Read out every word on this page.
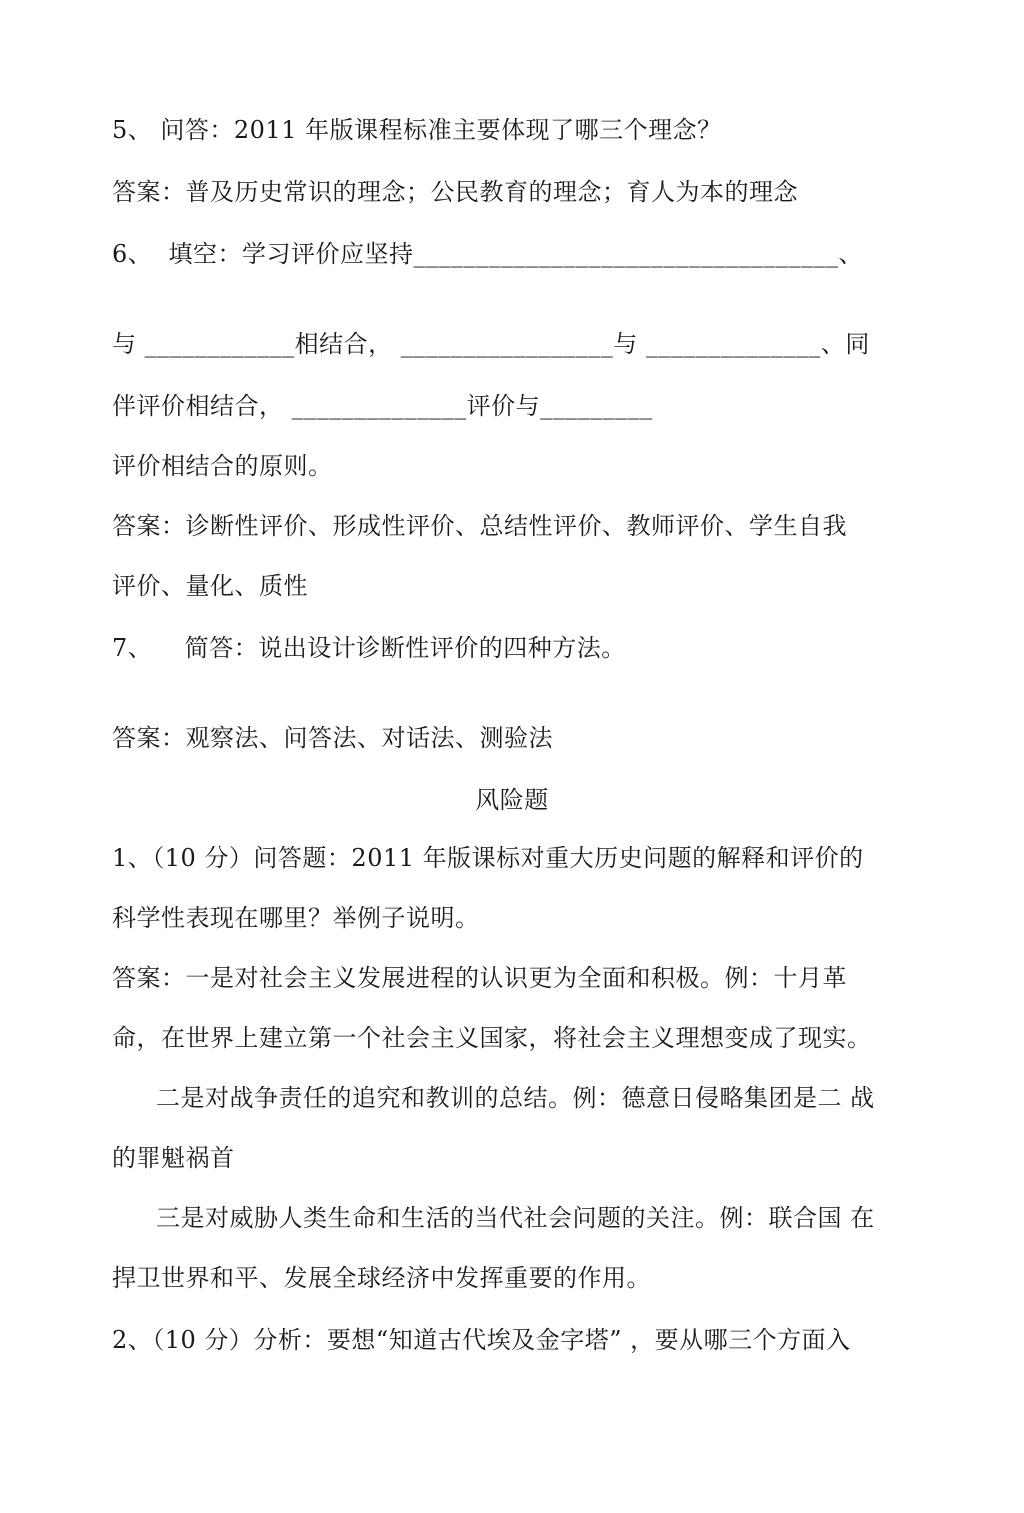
5、 问答：2011 年版课程标准主要体现了哪三个理念？
答案：普及历史常识的理念；公民教育的理念；育人为本的理念
6、  填空：学习评价应坚持__________________________________、
与 ____________相结合， _________________与 ______________、同
伴评价相结合， ______________评价与_________
评价相结合的原则。
答案：诊断性评价、形成性评价、总结性评价、教师评价、学生自我
评价、量化、质性
7、    简答：说出设计诊断性评价的四种方法。
答案：观察法、问答法、对话法、测验法
风险题
1、（10 分）问答题：2011 年版课标对重大历史问题的解释和评价的
科学性表现在哪里？举例子说明。
答案：一是对社会主义发展进程的认识更为全面和积极。例：十月革
命，在世界上建立第一个社会主义国家，将社会主义理想变成了现实。
二是对战争责任的追究和教训的总结。例：德意日侵略集团是二 战
的罪魁祸首
三是对威胁人类生命和生活的当代社会问题的关注。例：联合国 在
捍卫世界和平、发展全球经济中发挥重要的作用。
2、（10 分）分析：要想“知道古代埃及金字塔” ，要从哪三个方面入
